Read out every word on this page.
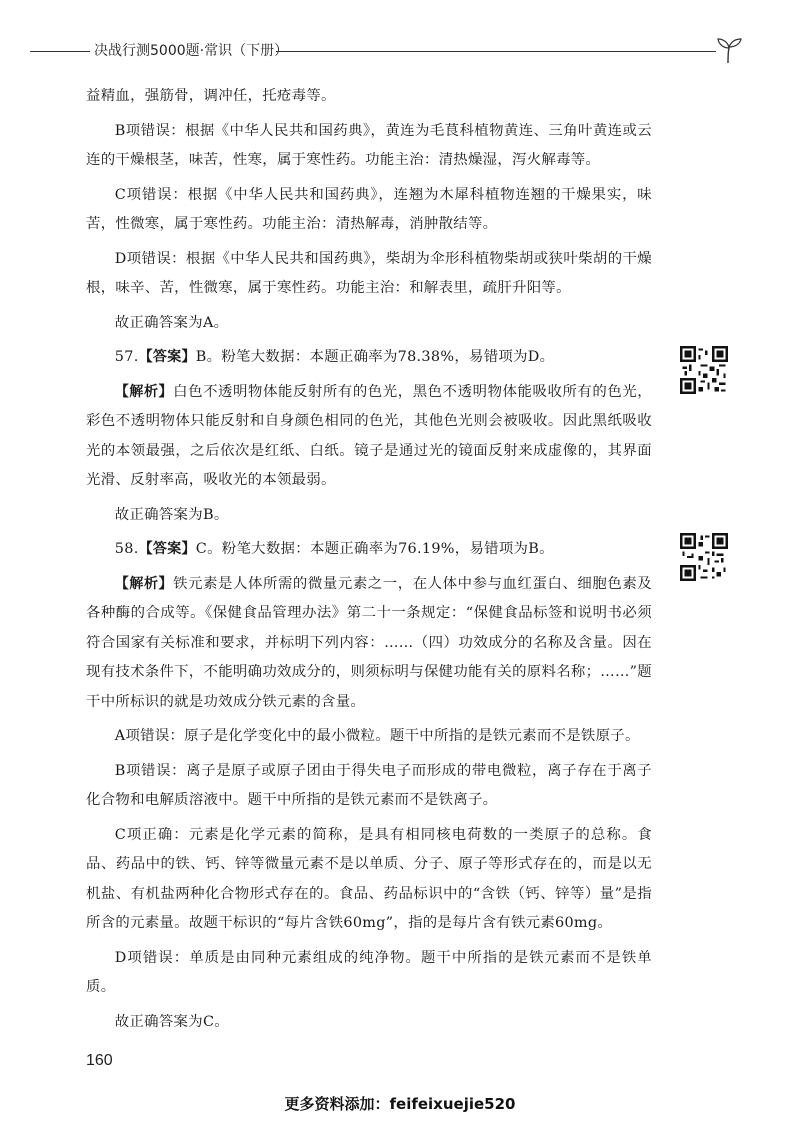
决战行测5000题·常识（下册）

益精血，强筋骨，调冲任，托疮毒等。

B项错误：根据《中华人民共和国药典》，黄连为毛茛科植物黄连、三角叶黄连或云连的干燥根茎，味苦，性寒，属于寒性药。功能主治：清热燥湿，泻火解毒等。

C项错误：根据《中华人民共和国药典》，连翘为木犀科植物连翘的干燥果实，味苦，性微寒，属于寒性药。功能主治：清热解毒，消肿散结等。

D项错误：根据《中华人民共和国药典》，柴胡为伞形科植物柴胡或狭叶柴胡的干燥根，味辛、苦，性微寒，属于寒性药。功能主治：和解表里，疏肝升阳等。

故正确答案为A。

57.【答案】B。粉笔大数据：本题正确率为78.38%，易错项为D。

【解析】白色不透明物体能反射所有的色光，黑色不透明物体能吸收所有的色光，彩色不透明物体只能反射和自身颜色相同的色光，其他色光则会被吸收。因此黑纸吸收光的本领最强，之后依次是红纸、白纸。镜子是通过光的镜面反射来成虚像的，其界面光滑、反射率高，吸收光的本领最弱。

故正确答案为B。

58.【答案】C。粉笔大数据：本题正确率为76.19%，易错项为B。

【解析】铁元素是人体所需的微量元素之一，在人体中参与血红蛋白、细胞色素及各种酶的合成等。《保健食品管理办法》第二十一条规定：“保健食品标签和说明书必须符合国家有关标准和要求，并标明下列内容：……（四）功效成分的名称及含量。因在现有技术条件下，不能明确功效成分的，则须标明与保健功能有关的原料名称；……”题干中所标识的就是功效成分铁元素的含量。

A项错误：原子是化学变化中的最小微粒。题干中所指的是铁元素而不是铁原子。

B项错误：离子是原子或原子团由于得失电子而形成的带电微粒，离子存在于离子化合物和电解质溶液中。题干中所指的是铁元素而不是铁离子。

C项正确：元素是化学元素的简称，是具有相同核电荷数的一类原子的总称。食品、药品中的铁、钙、锌等微量元素不是以单质、分子、原子等形式存在的，而是以无机盐、有机盐两种化合物形式存在的。食品、药品标识中的“含铁（钙、锌等）量”是指所含的元素量。故题干标识的“每片含铁60mg”，指的是每片含有铁元素60mg。

D项错误：单质是由同种元素组成的纯净物。题干中所指的是铁元素而不是铁单质。

故正确答案为C。

160
更多资料添加：feifeixuejie520
